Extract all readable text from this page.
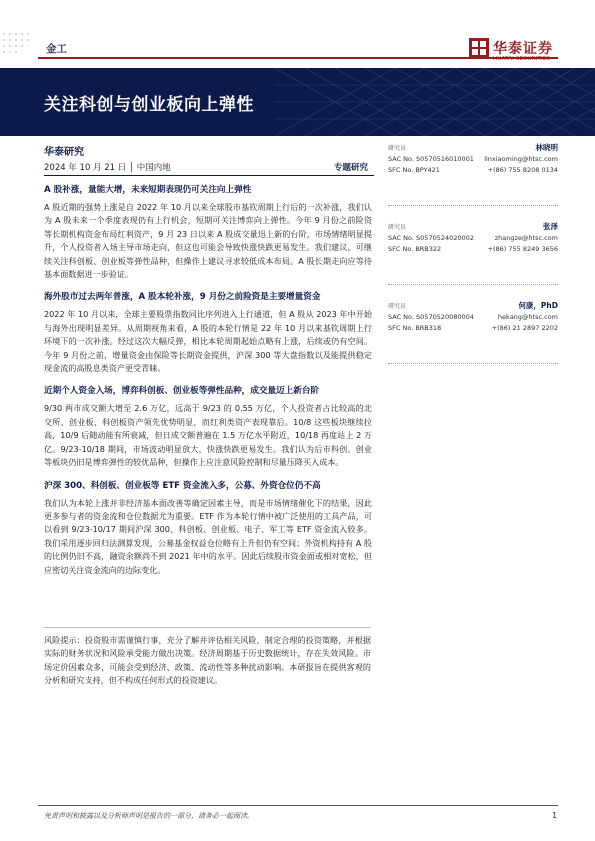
金工	华泰证券
HUATAI SECURITIES
关注科创与创业板向上弹性
华泰研究
2024 年 10 月 21 日 │ 中国内地	专题研究
A 股补涨，量能大增，未来短期表现仍可关注向上弹性

A 股近期的强势上涨是自 2022 年 10 月以来全球股市基钦周期上行后的一次补涨，我们认为 A 股未来一个季度表现仍有上行机会，短期可关注博弈向上弹性。今年 9 月份之前险资等长期机构资金布局红利资产，9 月 23 日以来 A 股成交量迅上新的台阶，市场情绪明显提升，个人投资者入场主导市场走向，但这也可能会导致快涨快跌更易发生。我们建议，可继续关注科创板、创业板等弹性品种，但操作上建议寻求较低成本布局。A 股长期走向应等待基本面数据进一步验证。

海外股市过去两年普涨，A 股本轮补涨，9 月份之前险资是主要增量资金

2022 年 10 月以来，全球主要股票指数同比序列进入上行通道，但 A 股从 2023 年中开始与海外出现明显差异。从周期视角来看，A 股的本轮行情是 22 年 10 月以来基钦周期上行环境下的一次补涨。经过这次大幅反弹，相比本轮周期起始点略有上涨，后续或仍有空间。今年 9 月份之前，增量资金由保险等长期资金提供，沪深 300 等大盘指数以及能提供稳定现金流的高股息类资产更受青睐。

近期个人资金入场，博弈科创板、创业板等弹性品种，成交量迈上新台阶

9/30 两市成交额大增至 2.6 万亿，远高于 9/23 的 0.55 万亿，个人投资者占比较高的北交所、创业板、科创板资产领先优势明显，而红利类资产表现靠后。10/8 这些板块继续拉高，10/9 后随动能有所衰减，但日成交额普遍在 1.5 万亿水平附近，10/18 再度站上 2 万亿。9/23-10/18 期间，市场波动明显放大，快涨快跌更易发生。我们认为后市科创、创业等板块仍旧是博弈弹性的较优品种，但操作上应注意风险控制和尽量压降买入成本。

沪深 300、科创板、创业板等 ETF 资金流入多，公募、外资仓位仍不高

我们认为本轮上涨并非经济基本面改善等确定因素主导，而是市场情绪催化下的结果，因此更多参与者的资金流和仓位数据尤为重要。ETF 作为本轮行情中被广泛使用的工具产品，可以看到 9/23-10/17 期间沪深 300、科创板、创业板、电子、军工等 ETF 资金流入较多。我们采用逐步回归法测算发现，公募基金权益仓位略有上升但仍有空间；外资机构持有 A 股的比例仍旧不高，融资余额尚不到 2021 年中的水平。因此后续股市资金面或相对宽松，但应密切关注资金流向的边际变化。

风险提示：投资股市需谨慎行事，充分了解并评估相关风险，制定合理的投资策略，并根据实际的财务状况和风险承受能力做出决策。经济周期基于历史数据统计，存在失效风险。市场定价因素众多，可能会受到经济、政策、流动性等多种扰动影响。本研报旨在提供客观的分析和研究支持，但不构成任何形式的投资建议。

研究员	林晓明
SAC No. S0570516010001 linxiaoming@htsc.com
SFC No. BPY421	+(86) 755 8208 0134
研究员	张泽
SAC No. S0570524020002	zhangze@htsc.com
SFC No. BRB322	+(86) 755 8249 3656
研究员	何康，PhD
SAC No. S0570520080004	hekang@htsc.com
SFC No. BRB318	+(86) 21 2897 2202
免责声明和披露以及分析师声明是报告的一部分，请务必一起阅读。	1
